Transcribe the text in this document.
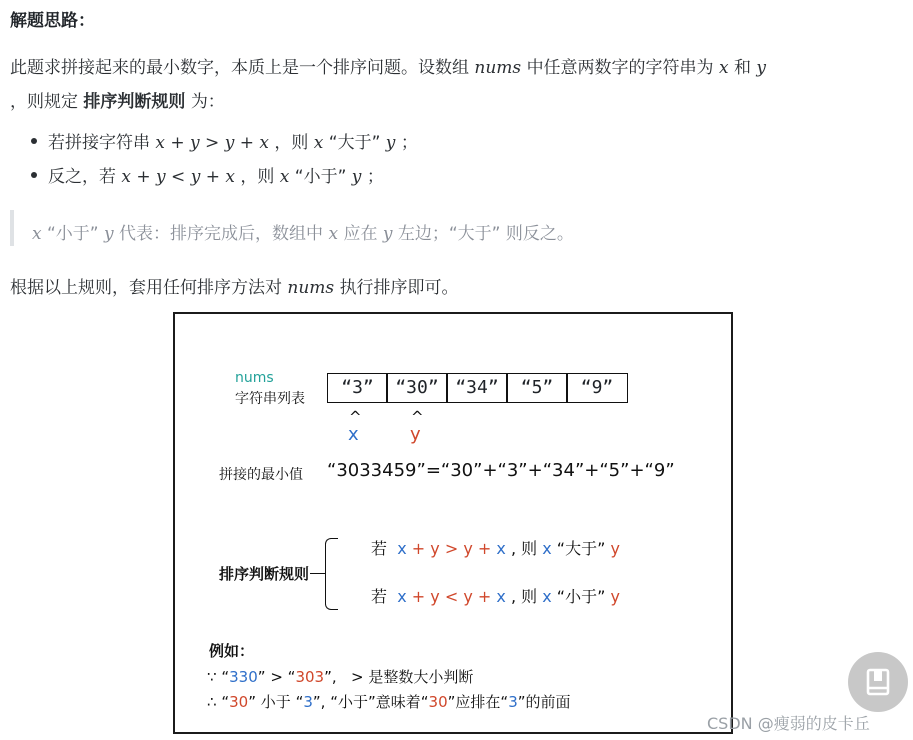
解题思路：
此题求拼接起来的最小数字，本质上是一个排序问题。设数组 nums 中任意两数字的字符串为 x 和 y
，则规定 排序判断规则 为：
若拼接字符串 x + y > y + x ，则 x “大于” y ；
反之，若 x + y < y + x ，则 x “小于” y ；
x “小于” y 代表：排序完成后，数组中 x 应在 y 左边；“大于” 则反之。
根据以上规则，套用任何排序方法对 nums 执行排序即可。
nums
字符串列表
“3”	“30” “34”	“5”	“9”
^	^
x	y
拼接的最小值 “3033459”=“30”+“3”+“34”+“5”+“9”
排序判断规则
若 x + y > y + x , 则 x “大于” y
若 x + y < y + x , 则 x “小于” y
例如：
∵ “330” > “303”, > 是整数大小判断
∴ “30” 小于 “3”, “小于”意味着“30”应排在“3”的前面
CSDN @瘦弱的皮卡丘
